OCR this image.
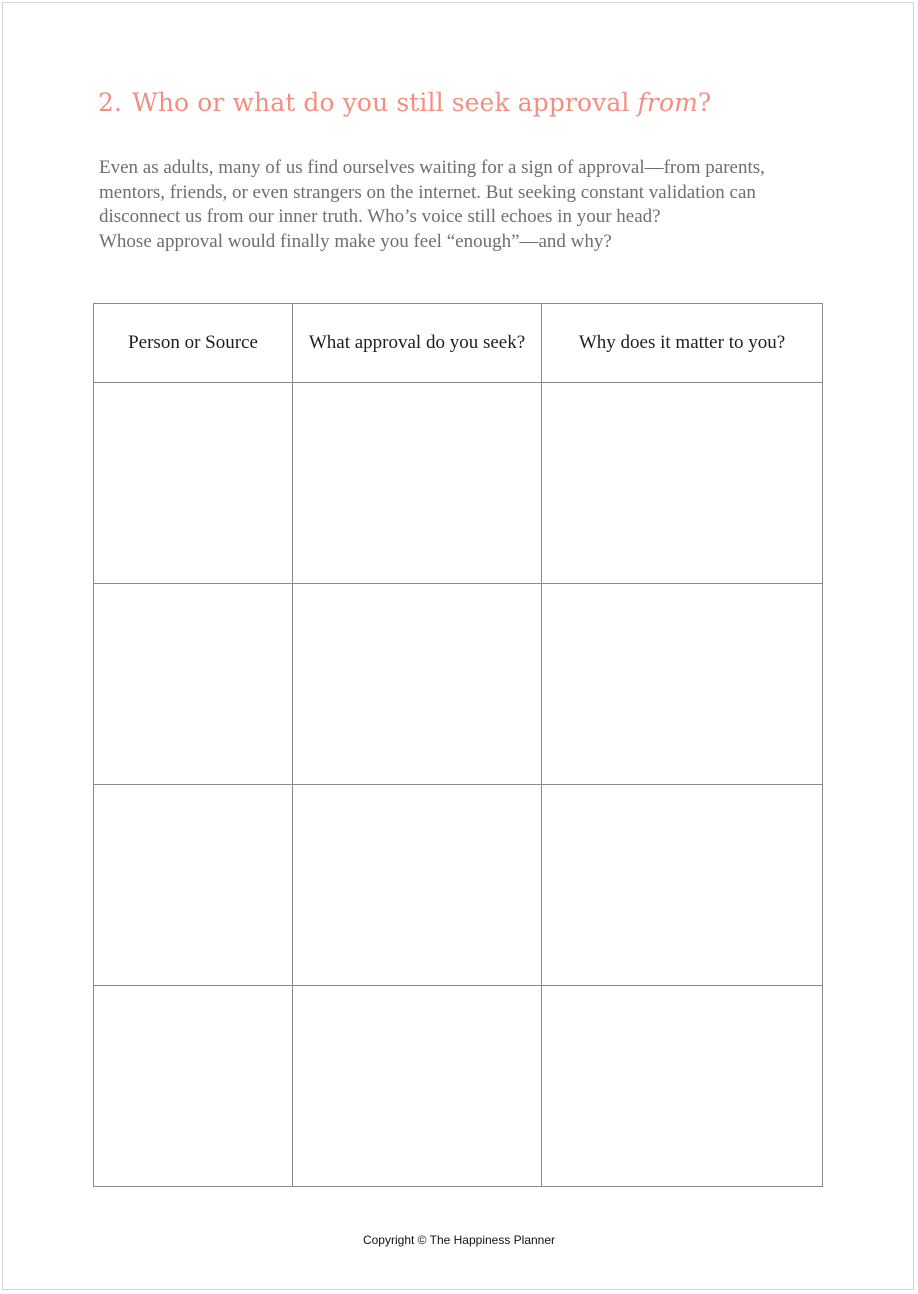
2. Who or what do you still seek approval from?

Even as adults, many of us find ourselves waiting for a sign of approval—from parents,
mentors, friends, or even strangers on the internet. But seeking constant validation can
disconnect us from our inner truth. Who’s voice still echoes in your head?
Whose approval would finally make you feel “enough”—and why?

Person or Source	What approval do you seek?	Why does it matter to you?

Copyright © The Happiness Planner
